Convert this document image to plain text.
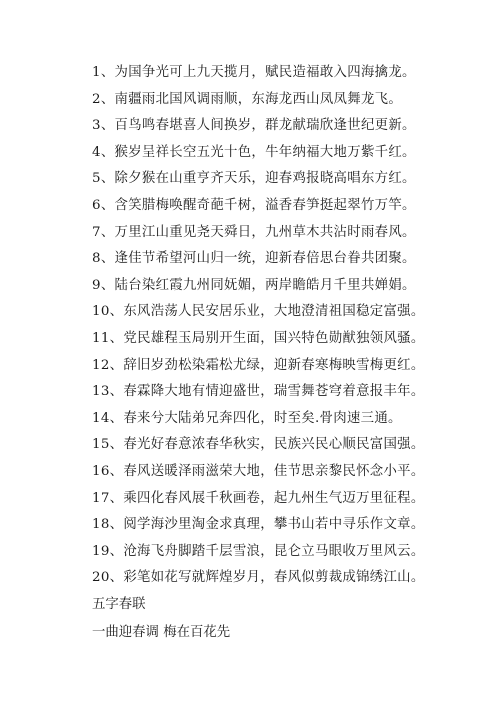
1、为国争光可上九天揽月，赋民造福敢入四海擒龙。
2、南疆雨北国风调雨顺，东海龙西山凤凤舞龙飞。
3、百鸟鸣春堪喜人间换岁，群龙献瑞欣逢世纪更新。
4、猴岁呈祥长空五光十色，牛年纳福大地万紫千红。
5、除夕猴在山重亨齐天乐，迎春鸡报晓高唱东方红。
6、含笑腊梅唤醒奇葩千树，溢香春笋挺起翠竹万竿。
7、万里江山重见尧天舜日，九州草木共沾时雨春风。
8、逢佳节希望河山归一统，迎新春倍思台眷共团聚。
9、陆台染红霞九州同妩媚，两岸瞻皓月千里共婵娟。
10、东风浩荡人民安居乐业，大地澄清祖国稳定富强。
11、党民雄程玉局别开生面，国兴特色勋猷独领风骚。
12、辞旧岁劲松染霜松尤绿，迎新春寒梅映雪梅更红。
13、春霖降大地有情迎盛世，瑞雪舞苍穹着意报丰年。
14、春来兮大陆弟兄奔四化，时至矣.骨肉速三通。
15、春光好春意浓春华秋实，民族兴民心顺民富国强。
16、春风送暖泽雨滋荣大地，佳节思亲黎民怀念小平。
17、乘四化春风展千秋画卷，起九州生气迈万里征程。
18、阅学海沙里淘金求真理，攀书山若中寻乐作文章。
19、沧海飞舟脚踏千层雪浪，昆仑立马眼收万里风云。
20、彩笔如花写就辉煌岁月，春风似剪裁成锦绣江山。
五字春联
一曲迎春调 梅在百花先
